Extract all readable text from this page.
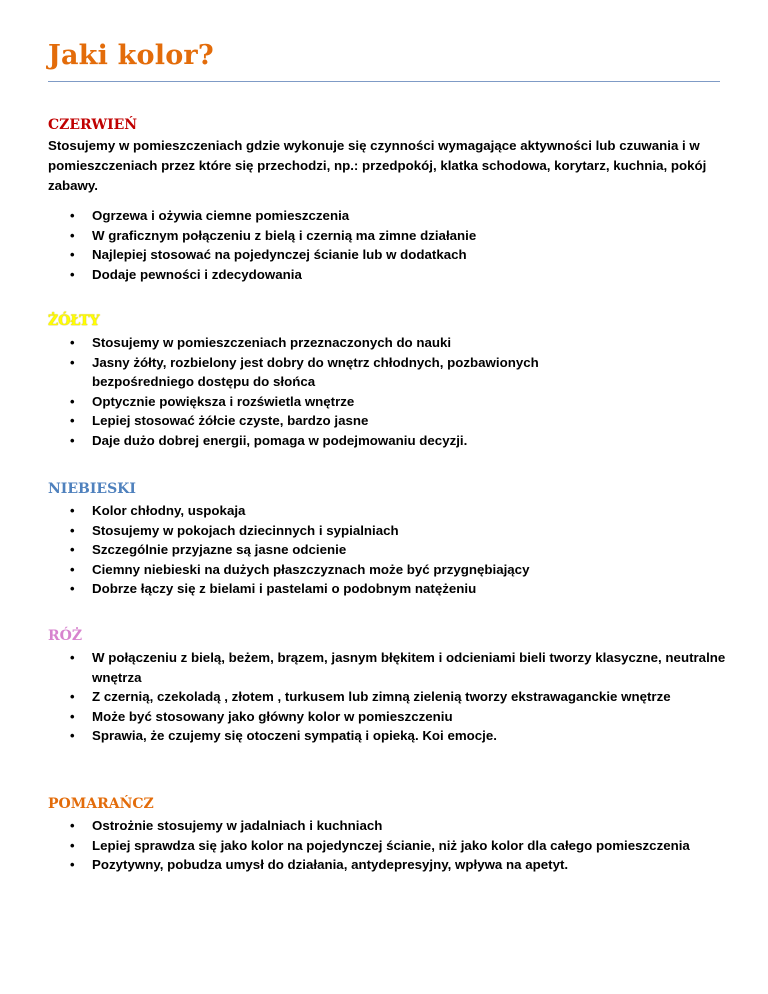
Jaki kolor?
CZERWIEŃ

Stosujemy w pomieszczeniach gdzie wykonuje się czynności wymagające aktywności lub czuwania i w pomieszczeniach przez które się przechodzi, np.: przedpokój, klatka schodowa, korytarz, kuchnia, pokój zabawy.

• Ogrzewa i ożywia ciemne pomieszczenia
• W graficznym połączeniu z bielą i czernią ma zimne działanie
• Najlepiej stosować na pojedynczej ścianie lub w dodatkach
• Dodaje pewności i zdecydowania
ŻÓŁTY
• Stosujemy w pomieszczeniach przeznaczonych do nauki
• Jasny żółty, rozbielony jest dobry do wnętrz chłodnych, pozbawionych bezpośredniego dostępu do słońca
• Optycznie powiększa i rozświetla wnętrze
• Lepiej stosować żółcie czyste, bardzo jasne
• Daje dużo dobrej energii, pomaga w podejmowaniu decyzji.
NIEBIESKI
• Kolor chłodny, uspokaja
• Stosujemy w pokojach dziecinnych i sypialniach
• Szczególnie przyjazne są jasne odcienie
• Ciemny niebieski na dużych płaszczyznach może być przygnębiający
• Dobrze łączy się z bielami i pastelami o podobnym natężeniu
RÓŻ
• W połączeniu z bielą, beżem, brązem, jasnym błękitem i odcieniami bieli tworzy klasyczne, neutralne wnętrza
• Z czernią, czekoladą , złotem , turkusem lub zimną zielenią tworzy ekstrawaganckie wnętrze
• Może być stosowany jako główny kolor w pomieszczeniu
• Sprawia, że czujemy się otoczeni sympatią i opieką. Koi emocje.
POMARAŃCZ
• Ostrożnie stosujemy w jadalniach i kuchniach
• Lepiej sprawdza się jako kolor na pojedynczej ścianie, niż jako kolor dla całego pomieszczenia
• Pozytywny, pobudza umysł do działania, antydepresyjny, wpływa na apetyt.
